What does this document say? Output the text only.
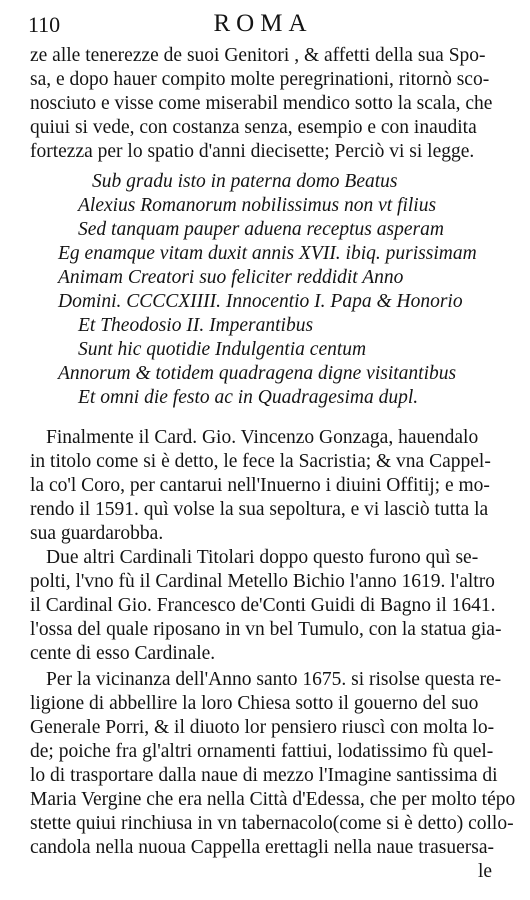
110	ROMA
ze alle tenerezze de suoi Genitori , & affetti della sua Spo-
sa, e dopo hauer compito molte peregrinationi, ritornò sco-
nosciuto e visse come miserabil mendico sotto la scala, che
quiui si vede, con costanza senza, esempio e con inaudita
fortezza per lo spatio d'anni diecisette; Perciò vi si legge.
Sub gradu isto in paterna domo Beatus
Alexius Romanorum nobilissimus non vt filius
Sed tanquam pauper aduena receptus asperam
Eg enamque vitam duxit annis XVII. ibiq. purissimam
Animam Creatori suo feliciter reddidit Anno
Domini. CCCCXIIII. Innocentio I. Papa & Honorio
Et Theodosio II. Imperantibus
Sunt hic quotidie Indulgentia centum
Annorum & totidem quadragena digne visitantibus
Et omni die festo ac in Quadragesima dupl.
Finalmente il Card. Gio. Vincenzo Gonzaga, hauendalo
in titolo come si è detto, le fece la Sacristia; & vna Cappel-
la co'l Coro, per cantarui nell'Inuerno i diuini Offitij; e mo-
rendo il 1591. quì volse la sua sepoltura, e vi lasciò tutta la
sua guardarobba.
Due altri Cardinali Titolari doppo questo furono quì se-
polti, l'vno fù il Cardinal Metello Bichio l'anno 1619. l'altro
il Cardinal Gio. Francesco de'Conti Guidi di Bagno il 1641.
l'ossa del quale riposano in vn bel Tumulo, con la statua gia-
cente di esso Cardinale.
Per la vicinanza dell'Anno santo 1675. si risolse questa re-
ligione di abbellire la loro Chiesa sotto il gouerno del suo
Generale Porri, & il diuoto lor pensiero riuscì con molta lo-
de; poiche fra gl'altri ornamenti fattiui, lodatissimo fù quel-
lo di trasportare dalla naue di mezzo l'Imagine santissima di
Maria Vergine che era nella Città d'Edessa, che per molto tépo
stette quiui rinchiusa in vn tabernacolo(come si è detto) collo-
candola nella nuoua Cappella erettagli nella naue trasuersa-
le
